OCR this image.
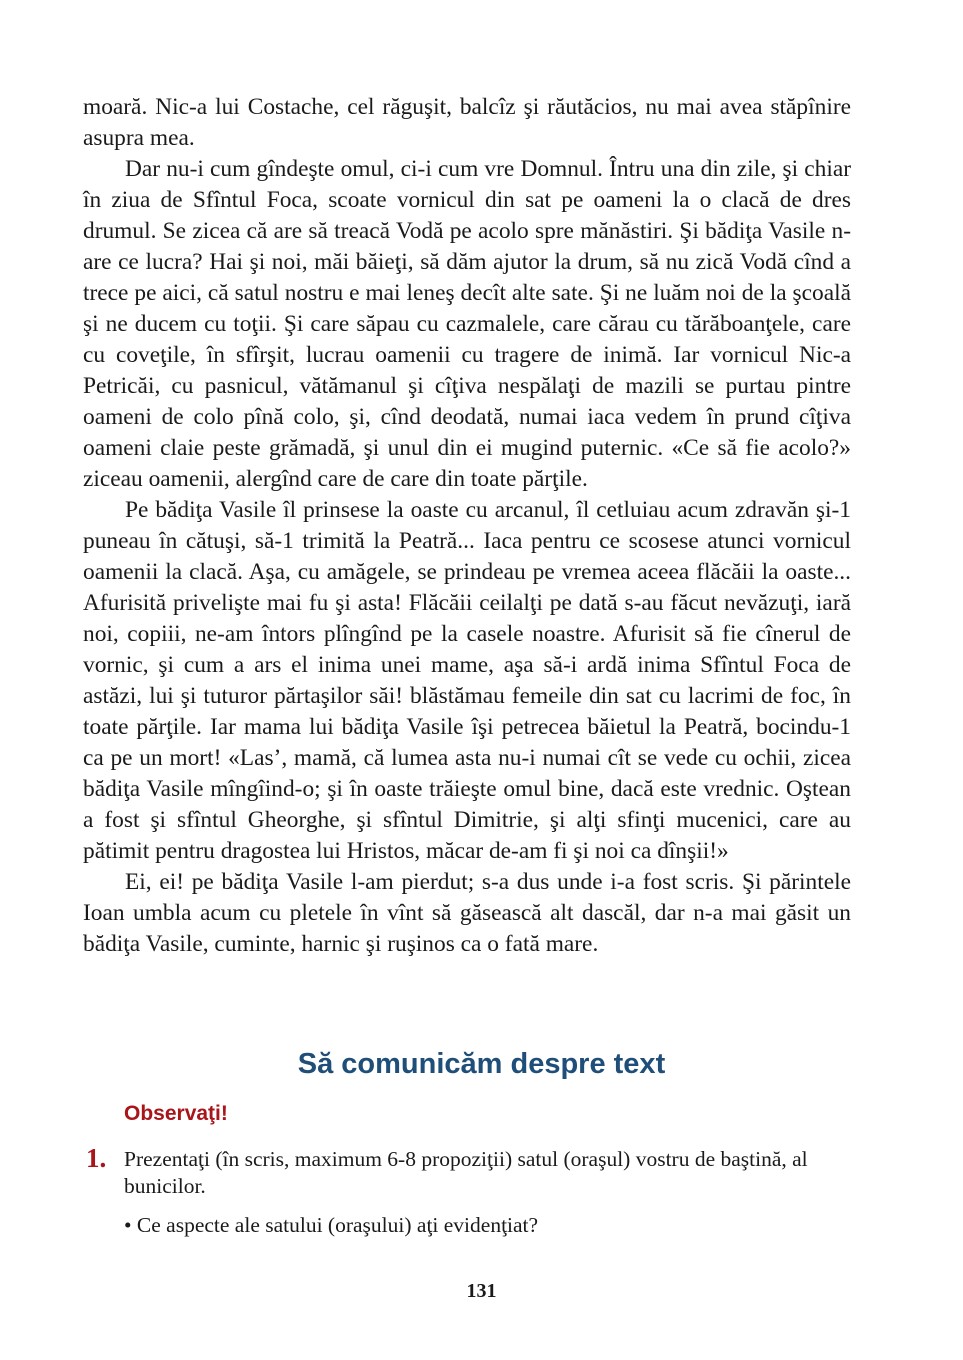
moară. Nic-a lui Costache, cel răguşit, balcîz şi răutăcios, nu mai avea stăpînire asupra mea.

Dar nu-i cum gîndeşte omul, ci-i cum vre Domnul. Întru una din zile, şi chiar în ziua de Sfîntul Foca, scoate vornicul din sat pe oameni la o clacă de dres drumul. Se zicea că are să treacă Vodă pe acolo spre mănăstiri. Şi bădiţa Vasile n-are ce lucra? Hai şi noi, măi băieţi, să dăm ajutor la drum, să nu zică Vodă cînd a trece pe aici, că satul nostru e mai leneş decît alte sate. Şi ne luăm noi de la şcoală şi ne ducem cu toţii. Şi care săpau cu cazmalele, care cărau cu tărăboanţele, care cu coveţile, în sfîrşit, lucrau oamenii cu tragere de inimă. Iar vornicul Nic-a Petricăi, cu pasnicul, vătămanul şi cîţiva nespălaţi de mazili se purtau pintre oameni de colo pînă colo, şi, cînd deodată, numai iaca vedem în prund cîţiva oameni claie peste grămadă, şi unul din ei mugind puternic. «Ce să fie acolo?» ziceau oamenii, alergînd care de care din toate părţile.

Pe bădiţa Vasile îl prinsese la oaste cu arcanul, îl cetluiau acum zdravăn şi-1 puneau în cătuşi, să-1 trimită la Peatră... Iaca pentru ce scosese atunci vornicul oamenii la clacă. Aşa, cu amăgele, se prindeau pe vremea aceea flăcăii la oaste... Afurisită privelişte mai fu şi asta! Flăcăii ceilalţi pe dată s-au făcut nevăzuţi, iară noi, copiii, ne-am întors plîngînd pe la casele noastre. Afurisit să fie cînerul de vornic, şi cum a ars el inima unei mame, aşa să-i ardă inima Sfîntul Foca de astăzi, lui şi tuturor părtaşilor săi! blăstămau femeile din sat cu lacrimi de foc, în toate părţile. Iar mama lui bădiţa Vasile îşi petrecea băietul la Peatră, bocindu-1 ca pe un mort! «Las’, mamă, că lumea asta nu-i numai cît se vede cu ochii, zicea bădiţa Vasile mîngîind-o; şi în oaste trăieşte omul bine, dacă este vrednic. Oştean a fost şi sfîntul Gheorghe, şi sfîntul Dimitrie, şi alţi sfinţi mucenici, care au pătimit pentru dragostea lui Hristos, măcar de-am fi şi noi ca dînşii!»

Ei, ei! pe bădiţa Vasile l-am pierdut; s-a dus unde i-a fost scris. Şi părintele Ioan umbla acum cu pletele în vînt să găsească alt dascăl, dar n-a mai găsit un bădiţa Vasile, cuminte, harnic şi ruşinos ca o fată mare.

Să comunicăm despre text
Observaţi!
1. Prezentaţi (în scris, maximum 6-8 propoziţii) satul (oraşul) vostru de baştină, al bunicilor.
• Ce aspecte ale satului (oraşului) aţi evidenţiat?
131
